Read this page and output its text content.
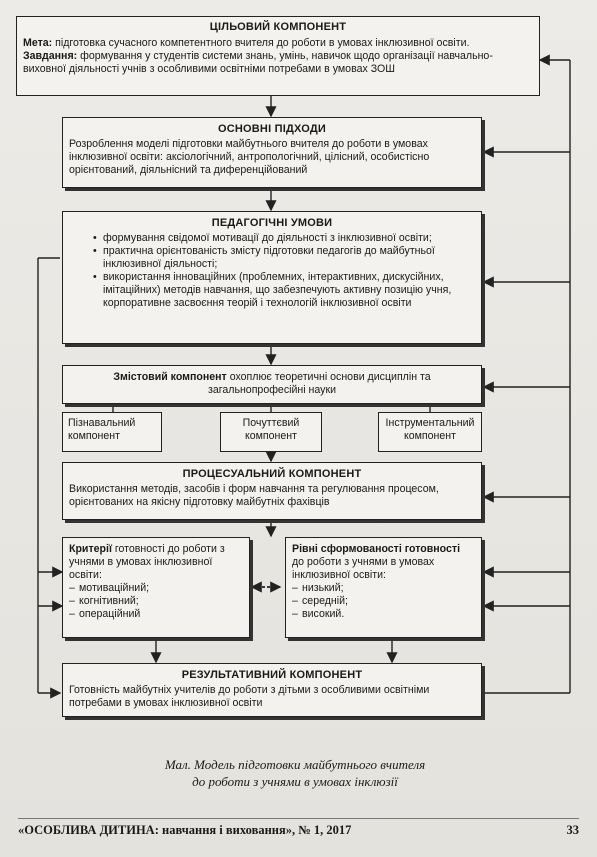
ЦІЛЬОВИЙ КОМПОНЕНТ
Мета: підготовка сучасного компетентного вчителя до роботи в умовах інклюзивної освіти.
Завдання: формування у студентів системи знань, умінь, навичок щодо організації навчально-виховної діяльності учнів з особливими освітніми потребами в умовах ЗОШ
ОСНОВНІ ПІДХОДИ
Розроблення моделі підготовки майбутнього вчителя до роботи в умовах інклюзивної освіти: аксіологічний, антропологічний, цілісний, особистісно орієнтований, діяльнісний та диференційований
ПЕДАГОГІЧНІ УМОВИ
• формування свідомої мотивації до діяльності з інклюзивної освіти;
• практична орієнтованість змісту підготовки педагогів до майбутньої інклюзивної діяльності;
• використання інноваційних (проблемних, інтерактивних, дискусійних, імітаційних) методів навчання, що забезпечують активну позицію учня, корпоративне засвоєння теорій і технологій інклюзивної освіти
Змістовий компонент охоплює теоретичні основи дисциплін та загальнопрофесійні науки
Пізнавальний компонент
Почуттєвий компонент
Інструментальний компонент
ПРОЦЕСУАЛЬНИЙ КОМПОНЕНТ
Використання методів, засобів і форм навчання та регулювання процесом, орієнтованих на якісну підготовку майбутніх фахівців
Критерії готовності до роботи з учнями в умовах інклюзивної освіти:
– мотиваційний;
– когнітивний;
– операційний
Рівні сформованості готовності до роботи з учнями в умовах інклюзивної освіти:
– низький;
– середній;
– високий.
РЕЗУЛЬТАТИВНИЙ КОМПОНЕНТ
Готовність майбутніх учителів до роботи з дітьми з особливими освітніми потребами в умовах інклюзивної освіти
Мал. Модель підготовки майбутнього вчителя
до роботи з учнями в умовах інклюзії
«ОСОБЛИВА ДИТИНА: навчання і виховання», № 1, 2017	33
